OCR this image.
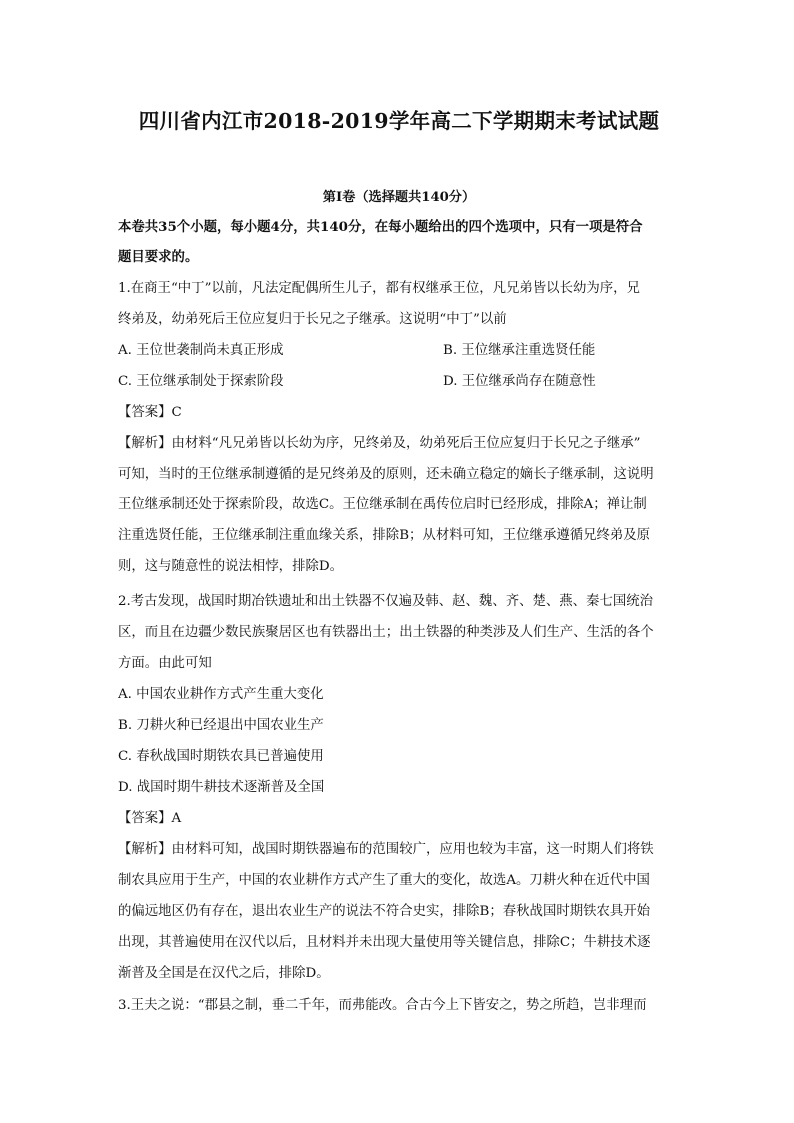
四川省内江市2018-2019学年高二下学期期末考试试题
第Ⅰ卷（选择题共140分）
本卷共35个小题，每小题4分，共140分，在每小题给出的四个选项中，只有一项是符合
题目要求的。
1.在商王“中丁”以前，凡法定配偶所生儿子，都有权继承王位，凡兄弟皆以长幼为序，兄
终弟及，幼弟死后王位应复归于长兄之子继承。这说明“中丁”以前
A. 王位世袭制尚未真正形成	B. 王位继承注重选贤任能
C. 王位继承制处于探索阶段	D. 王位继承尚存在随意性
【答案】C
【解析】由材料“凡兄弟皆以长幼为序，兄终弟及，幼弟死后王位应复归于长兄之子继承”
可知，当时的王位继承制遵循的是兄终弟及的原则，还未确立稳定的嫡长子继承制，这说明
王位继承制还处于探索阶段，故选C。王位继承制在禹传位启时已经形成，排除A；禅让制
注重选贤任能，王位继承制注重血缘关系，排除B；从材料可知，王位继承遵循兄终弟及原
则，这与随意性的说法相悖，排除D。
2.考古发现，战国时期冶铁遗址和出土铁器不仅遍及韩、赵、魏、齐、楚、燕、秦七国统治
区，而且在边疆少数民族聚居区也有铁器出土；出土铁器的种类涉及人们生产、生活的各个
方面。由此可知
A. 中国农业耕作方式产生重大变化
B. 刀耕火种已经退出中国农业生产
C. 春秋战国时期铁农具已普遍使用
D. 战国时期牛耕技术逐渐普及全国
【答案】A
【解析】由材料可知，战国时期铁器遍布的范围较广，应用也较为丰富，这一时期人们将铁
制农具应用于生产，中国的农业耕作方式产生了重大的变化，故选A。刀耕火种在近代中国
的偏远地区仍有存在，退出农业生产的说法不符合史实，排除B；春秋战国时期铁农具开始
出现，其普遍使用在汉代以后，且材料并未出现大量使用等关键信息，排除C；牛耕技术逐
渐普及全国是在汉代之后，排除D。
3.王夫之说：“郡县之制，垂二千年，而弗能改。合古今上下皆安之，势之所趋，岂非理而
